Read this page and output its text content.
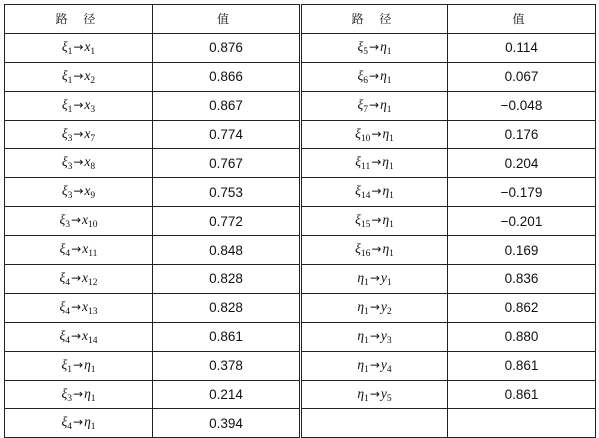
路 径	值	路 径	值
$\xi_1\to x_1$	0.876	$\xi_5\to\eta_1$	0.114
$\xi_1\to x_2$	0.866	$\xi_6\to\eta_1$	0.067
$\xi_1\to x_3$	0.867	$\xi_7\to\eta_1$	−0.048
$\xi_3\to x_7$	0.774	$\xi_{10}\to\eta_1$	0.176
$\xi_3\to x_8$	0.767	$\xi_{11}\to\eta_1$	0.204
$\xi_3\to x_9$	0.753	$\xi_{14}\to\eta_1$	−0.179
$\xi_3\to x_{10}$	0.772	$\xi_{15}\to\eta_1$	−0.201
$\xi_4\to x_{11}$	0.848	$\xi_{16}\to\eta_1$	0.169
$\xi_4\to x_{12}$	0.828	$\eta_1\to y_1$	0.836
$\xi_4\to x_{13}$	0.828	$\eta_1\to y_2$	0.862
$\xi_4\to x_{14}$	0.861	$\eta_1\to y_3$	0.880
$\xi_1\to\eta_1$	0.378	$\eta_1\to y_4$	0.861
$\xi_3\to\eta_1$	0.214	$\eta_1\to y_5$	0.861
$\xi_4\to\eta_1$	0.394		
